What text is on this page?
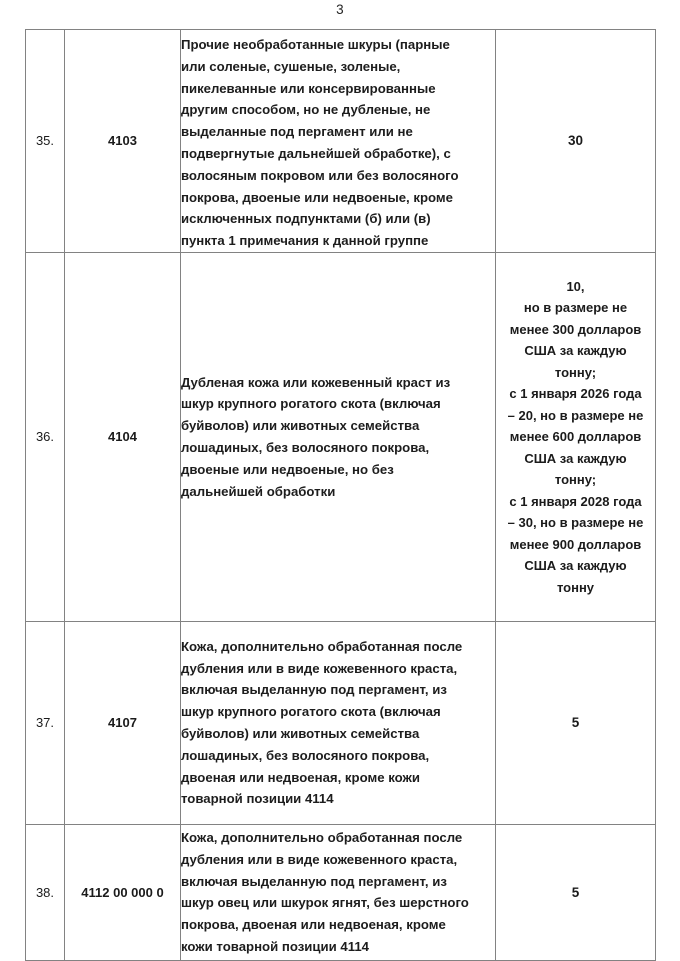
3
35.	4103	
Прочие необработанные шкуры (парные
или соленые, сушеные, золеные,
пикелеванные или консервированные
другим способом, но не дубленые, не
выделанные под пергамент или не
подвергнутые дальнейшей обработке), с
волосяным покровом или без волосяного
покрова, двоеные или недвоеные, кроме
исключенных подпунктами (б) или (в)
пункта 1 примечания к данной группе

30

36.	4104	
Дубленая кожа или кожевенный краст из
шкур крупного рогатого скота (включая
буйволов) или животных семейства
лошадиных, без волосяного покрова,
двоеные или недвоеные, но без
дальнейшей обработки

10,
но в размере не
менее 300 долларов
США за каждую
тонну;
с 1 января 2026 года
– 20, но в размере не
менее 600 долларов
США за каждую
тонну;
с 1 января 2028 года
– 30, но в размере не
менее 900 долларов
США за каждую
тонну

37.	4107	
Кожа, дополнительно обработанная после
дубления или в виде кожевенного краста,
включая выделанную под пергамент, из
шкур крупного рогатого скота (включая
буйволов) или животных семейства
лошадиных, без волосяного покрова,
двоеная или недвоеная, кроме кожи
товарной позиции 4114

5

38.	4112 00 000 0	
Кожа, дополнительно обработанная после
дубления или в виде кожевенного краста,
включая выделанную под пергамент, из
шкур овец или шкурок ягнят, без шерстного
покрова, двоеная или недвоеная, кроме
кожи товарной позиции 4114

5
